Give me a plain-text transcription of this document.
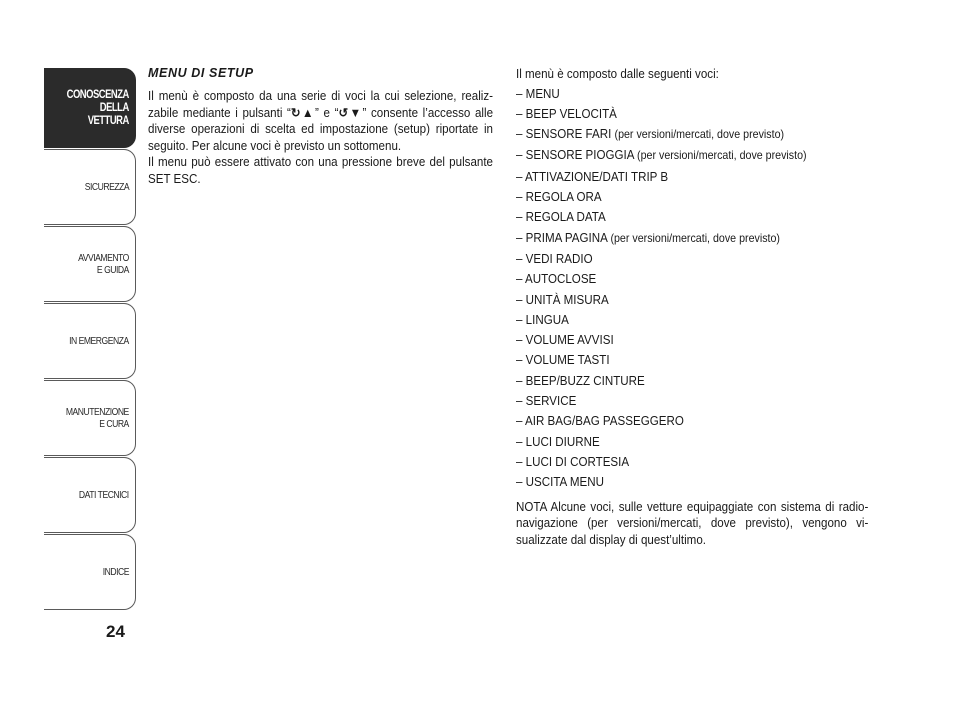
CONOSCENZA
DELLA
VETTURA
SICUREZZA
AVVIAMENTO
E GUIDA
IN EMERGENZA
MANUTENZIONE
E CURA
DATI TECNICI
INDICE
24
MENU DI SETUP

Il menù è composto da una serie di voci la cui selezione, realiz- zabile mediante i pulsanti “↻▲” e “↺▼” consente l’accesso alle diverse operazioni di scelta ed impostazione (setup) riportate in seguito. Per alcune voci è previsto un sottomenu.

Il menu può essere attivato con una pressione breve del pulsante SET ESC.

Il menù è composto dalle seguenti voci:

– MENU
– BEEP VELOCITÀ
– SENSORE FARI (per versioni/mercati, dove previsto)
– SENSORE PIOGGIA (per versioni/mercati, dove previsto)
– ATTIVAZIONE/DATI TRIP B
– REGOLA ORA
– REGOLA DATA
– PRIMA PAGINA (per versioni/mercati, dove previsto)
– VEDI RADIO
– AUTOCLOSE
– UNITÀ MISURA
– LINGUA
– VOLUME AVVISI
– VOLUME TASTI
– BEEP/BUZZ CINTURE
– SERVICE
– AIR BAG/BAG PASSEGGERO
– LUCI DIURNE
– LUCI DI CORTESIA
– USCITA MENU

NOTA Alcune voci, sulle vetture equipaggiate con sistema di radio- navigazione (per versioni/mercati, dove previsto), vengono vi- sualizzate dal display di quest’ultimo.
